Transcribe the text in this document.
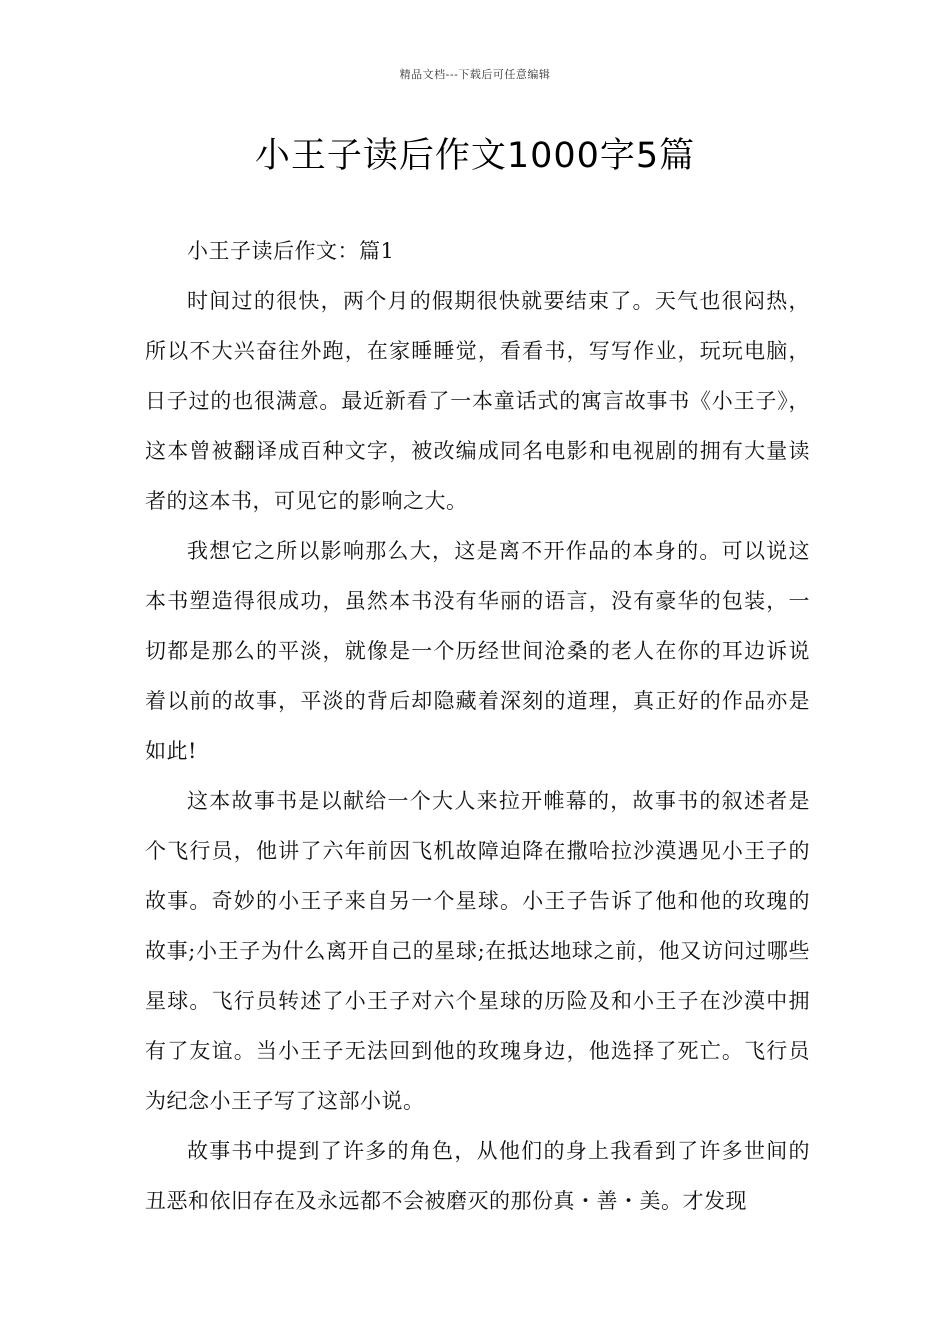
精品文档---下载后可任意编辑
小王子读后作文1000字5篇

小王子读后作文：篇1

时间过的很快，两个月的假期很快就要结束了。天气也很闷热，所以不大兴奋往外跑，在家睡睡觉，看看书，写写作业，玩玩电脑，日子过的也很满意。最近新看了一本童话式的寓言故事书《小王子》，这本曾被翻译成百种文字，被改编成同名电影和电视剧的拥有大量读者的这本书，可见它的影响之大。

我想它之所以影响那么大，这是离不开作品的本身的。可以说这本书塑造得很成功，虽然本书没有华丽的语言，没有豪华的包装，一切都是那么的平淡，就像是一个历经世间沧桑的老人在你的耳边诉说着以前的故事，平淡的背后却隐藏着深刻的道理，真正好的作品亦是如此!

这本故事书是以献给一个大人来拉开帷幕的，故事书的叙述者是个飞行员，他讲了六年前因飞机故障迫降在撒哈拉沙漠遇见小王子的故事。奇妙的小王子来自另一个星球。小王子告诉了他和他的玫瑰的故事;小王子为什么离开自己的星球;在抵达地球之前，他又访问过哪些星球。飞行员转述了小王子对六个星球的历险及和小王子在沙漠中拥有了友谊。当小王子无法回到他的玫瑰身边，他选择了死亡。飞行员为纪念小王子写了这部小说。

故事书中提到了许多的角色，从他们的身上我看到了许多世间的丑恶和依旧存在及永远都不会被磨灭的那份真・善・美。才发现
